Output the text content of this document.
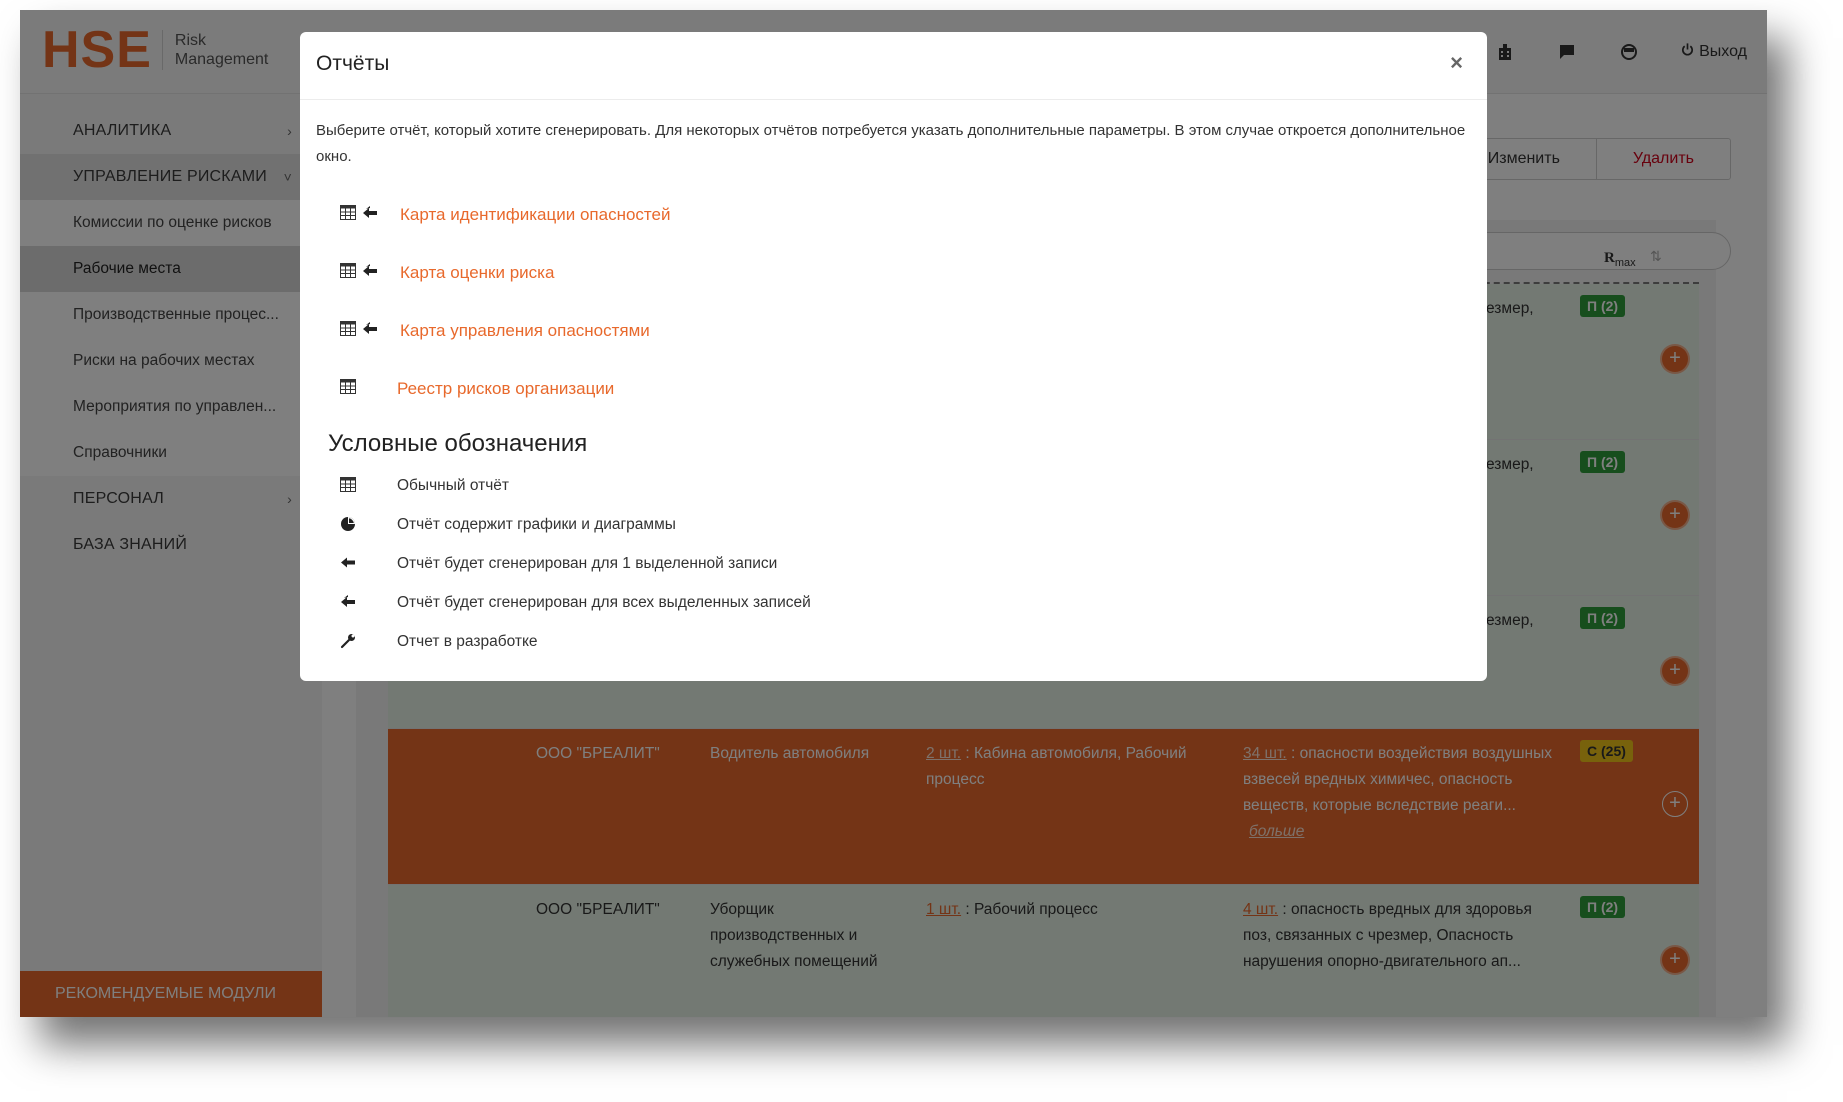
Отчёты	×
Выберите отчёт, который хотите сгенерировать. Для некоторых отчётов потребуется указать дополнительные параметры. В этом случае откроется дополнительное окно.
Карта идентификации опасностей
Карта оценки риска
Карта управления опасностями
Реестр рисков организации
Условные обозначения
Обычный отчёт
Отчёт содержит графики и диаграммы
Отчёт будет сгенерирован для 1 выделенной записи
Отчёт будет сгенерирован для всех выделенных записей
Отчет в разработке
